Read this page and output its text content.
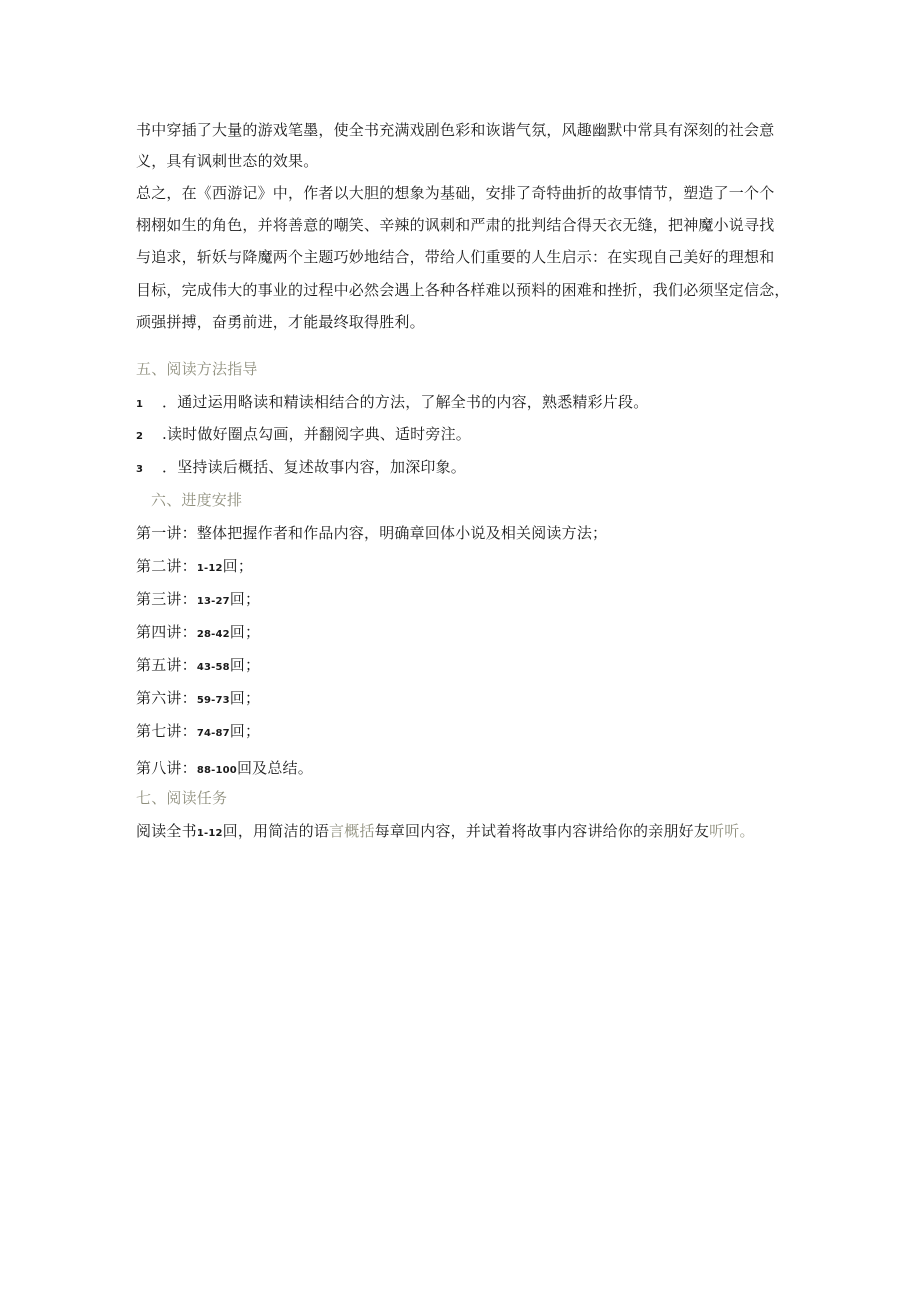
书中穿插了大量的游戏笔墨，使全书充满戏剧色彩和诙谐气氛，风趣幽默中常具有深刻的社会意
义，具有讽刺世态的效果。
总之，在《西游记》中，作者以大胆的想象为基础，安排了奇特曲折的故事情节，塑造了一个个
栩栩如生的角色，并将善意的嘲笑、辛辣的讽刺和严肃的批判结合得天衣无缝，把神魔小说寻找
与追求，斩妖与降魔两个主题巧妙地结合，带给人们重要的人生启示：在实现自己美好的理想和
目标，完成伟大的事业的过程中必然会遇上各种各样难以预料的困难和挫折，我们必须坚定信念，
顽强拼搏，奋勇前进，才能最终取得胜利。
五、阅读方法指导
1 ．通过运用略读和精读相结合的方法，了解全书的内容，熟悉精彩片段。
2 .读时做好圈点勾画，并翻阅字典、适时旁注。
3 ．坚持读后概括、复述故事内容，加深印象。
六、进度安排
第一讲：整体把握作者和作品内容，明确章回体小说及相关阅读方法；
第二讲：1-12回；
第三讲：13-27回；
第四讲：28-42回；
第五讲：43-58回；
第六讲：59-73回；
第七讲：74-87回；
第八讲：88-100回及总结。
七、阅读任务
阅读全书1-12回，用简洁的语言概括每章回内容，并试着将故事内容讲给你的亲朋好友听听。
